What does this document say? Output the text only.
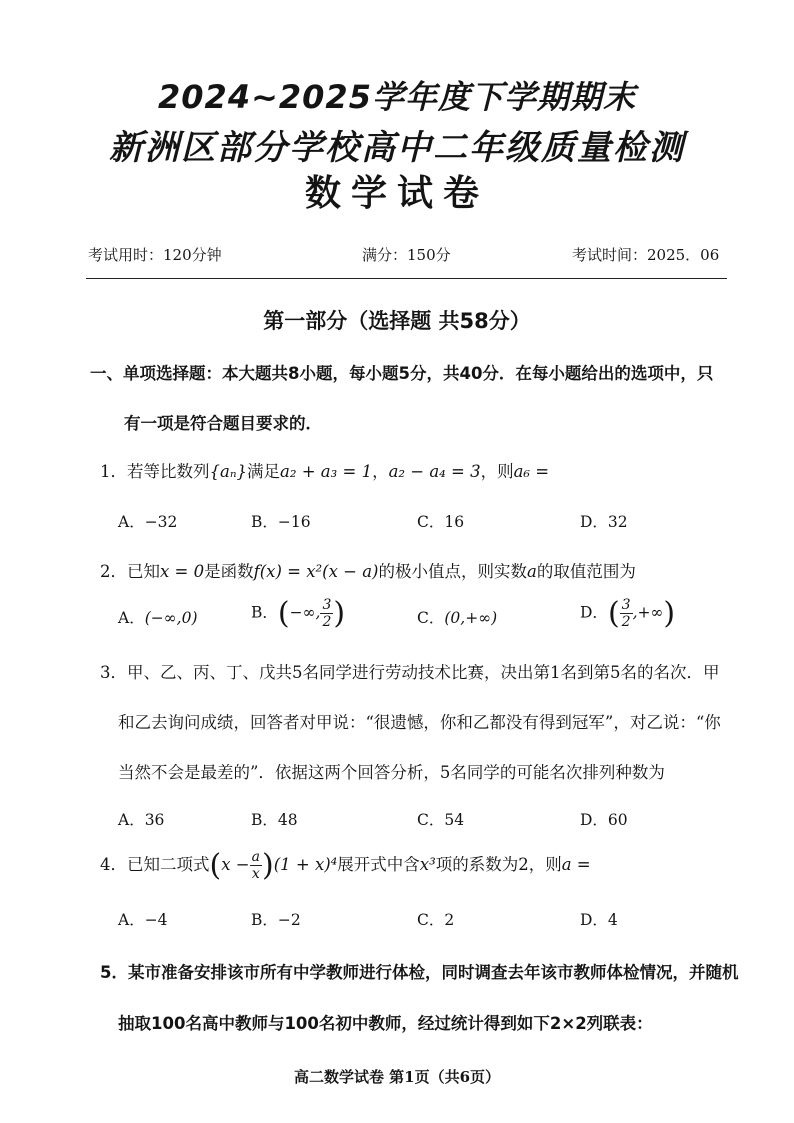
2024~2025学年度下学期期末
新洲区部分学校高中二年级质量检测
数学试卷
考试用时：120分钟	满分：150分	考试时间：2025．06
第一部分（选择题 共58分）
一、单项选择题：本大题共8小题，每小题5分，共40分．在每小题给出的选项中，只
有一项是符合题目要求的．
1．若等比数列{aₙ}满足a₂ + a₃ = 1，a₂ − a₄ = 3，则a₆ =
A．−32	B．−16	C．16	D．32
2．已知x = 0是函数f(x) = x²(x − a)的极小值点，则实数a的取值范围为
A．(−∞,0)	B．(−∞, $\frac{3}{2}$ )	C．(0,+∞)	D．( $\frac{3}{2}$ ,+∞)
3．甲、乙、丙、丁、戊共5名同学进行劳动技术比赛，决出第1名到第5名的名次．甲
和乙去询问成绩，回答者对甲说：“很遗憾，你和乙都没有得到冠军”，对乙说：“你
当然不会是最差的”．依据这两个回答分析，5名同学的可能名次排列种数为
A．36	B．48	C．54	D．60
4．已知二项式$(x - \frac{a}{x} )(1 + x)^4$展开式中含x³项的系数为2，则a =
A．−4	B．−2	C．2	D．4
5．某市准备安排该市所有中学教师进行体检，同时调查去年该市教师体检情况，并随机
抽取100名高中教师与100名初中教师，经过统计得到如下2×2列联表：
高二数学试卷 第1页（共6页）
